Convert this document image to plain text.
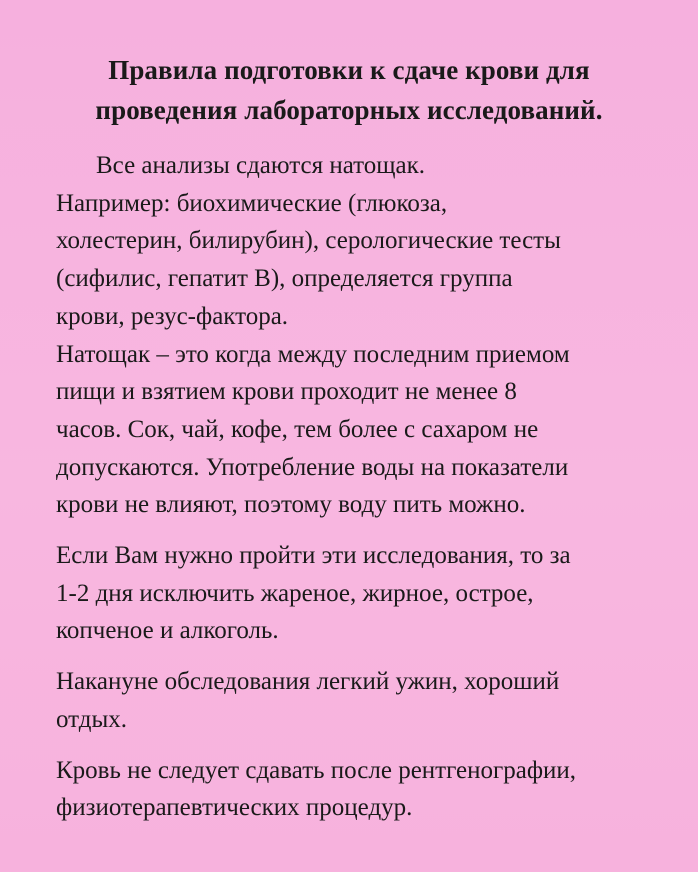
Правила подготовки к сдаче крови для
проведения лабораторных исследований.
Все анализы сдаются натощак.
Например: биохимические (глюкоза,
холестерин, билирубин), серологические тесты
(сифилис, гепатит В), определяется группа
крови, резус-фактора.
Натощак – это когда между последним приемом
пищи и взятием крови проходит не менее 8
часов. Сок, чай, кофе, тем более с сахаром не
допускаются. Употребление воды на показатели
крови не влияют, поэтому воду пить можно.
Если Вам нужно пройти эти исследования, то за
1-2 дня исключить жареное, жирное, острое,
копченое и алкоголь.
Накануне обследования легкий ужин, хороший
отдых.
Кровь не следует сдавать после рентгенографии,
физиотерапевтических процедур.
